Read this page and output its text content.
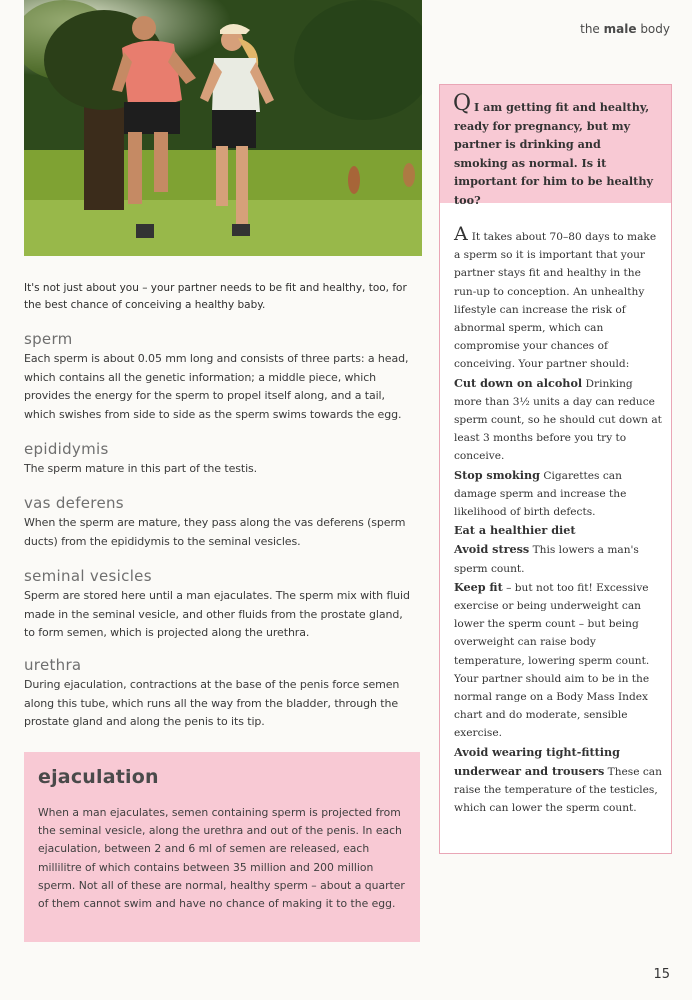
the male body
It's not just about you – your partner needs to be fit and healthy, too, for the best chance of conceiving a healthy baby.
sperm

Each sperm is about 0.05 mm long and consists of three parts: a head, which contains all the genetic information; a middle piece, which provides the energy for the sperm to propel itself along, and a tail, which swishes from side to side as the sperm swims towards the egg.

epididymis

The sperm mature in this part of the testis.

vas deferens

When the sperm are mature, they pass along the vas deferens (sperm ducts) from the epididymis to the seminal vesicles.

seminal vesicles

Sperm are stored here until a man ejaculates. The sperm mix with fluid made in the seminal vesicle, and other fluids from the prostate gland, to form semen, which is projected along the urethra.

urethra

During ejaculation, contractions at the base of the penis force semen along this tube, which runs all the way from the bladder, through the prostate gland and along the penis to its tip.

ejaculation

When a man ejaculates, semen containing sperm is projected from the seminal vesicle, along the urethra and out of the penis. In each ejaculation, between 2 and 6 ml of semen are released, each millilitre of which contains between 35 million and 200 million sperm. Not all of these are normal, healthy sperm – about a quarter of them cannot swim and have no chance of making it to the egg.

Q I am getting fit and healthy, ready for pregnancy, but my partner is drinking and smoking as normal. Is it important for him to be healthy too?

A It takes about 70–80 days to make a sperm so it is important that your partner stays fit and healthy in the run-up to conception. An unhealthy lifestyle can increase the risk of abnormal sperm, which can compromise your chances of conceiving. Your partner should:
Cut down on alcohol Drinking more than 3½ units a day can reduce sperm count, so he should cut down at least 3 months before you try to conceive.
Stop smoking Cigarettes can damage sperm and increase the likelihood of birth defects.
Eat a healthier diet
Avoid stress This lowers a man's sperm count.
Keep fit – but not too fit! Excessive exercise or being underweight can lower the sperm count – but being overweight can raise body temperature, lowering sperm count. Your partner should aim to be in the normal range on a Body Mass Index chart and do moderate, sensible exercise.
Avoid wearing tight-fitting underwear and trousers These can raise the temperature of the testicles, which can lower the sperm count.
15
